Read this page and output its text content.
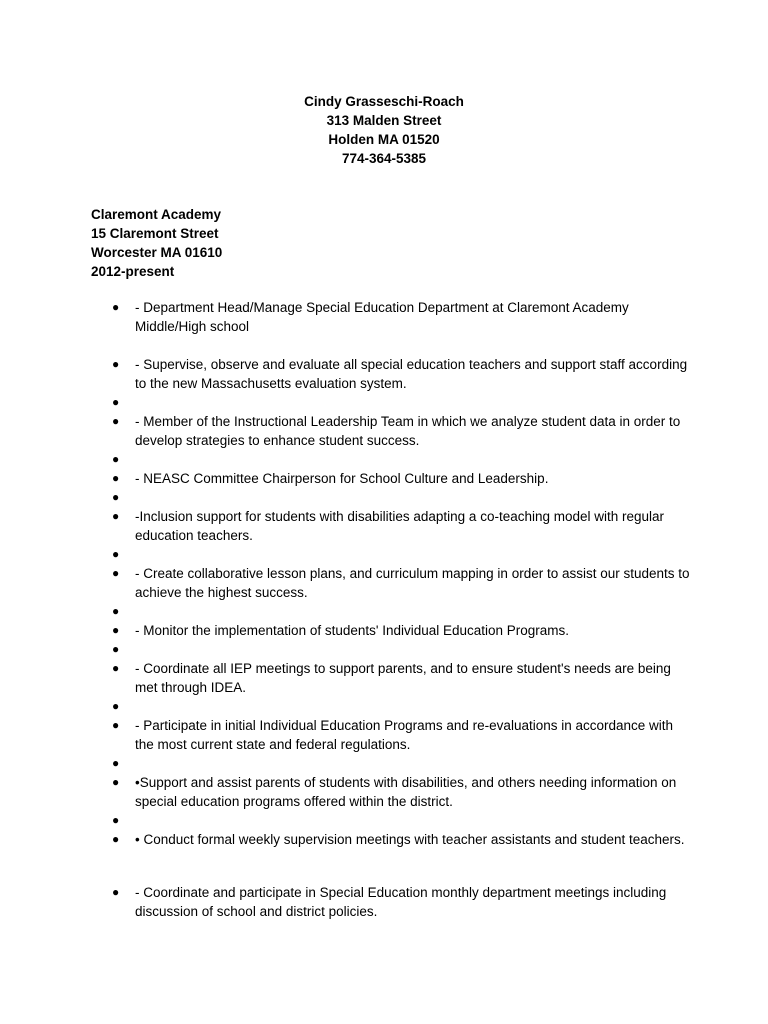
Cindy Grasseschi-Roach
313 Malden Street
Holden MA 01520
774-364-5385
Claremont Academy
15 Claremont Street
Worcester MA 01610
2012-present
●	- Department Head/Manage Special Education Department at Claremont Academy Middle/High school
●	- Supervise, observe and evaluate all special education teachers and support staff according to the new Massachusetts evaluation system.
●
●	- Member of the Instructional Leadership Team in which we analyze student data in order to develop strategies to enhance student success.
●
●	- NEASC Committee Chairperson for School Culture and Leadership.
●
●	-Inclusion support for students with disabilities adapting a co-teaching model with regular education teachers.
●
●	- Create collaborative lesson plans, and curriculum mapping in order to assist our students to achieve the highest success.
●
●	- Monitor the implementation of students' Individual Education Programs.
●
●	- Coordinate all IEP meetings to support parents, and to ensure student's needs are being met through IDEA.
●
●	- Participate in initial Individual Education Programs and re-evaluations in accordance with the most current state and federal regulations.
●
●	•Support and assist parents of students with disabilities, and others needing information on special education programs offered within the district.
●
●	• Conduct formal weekly supervision meetings with teacher assistants and student teachers.
●	- Coordinate and participate in Special Education monthly department meetings including discussion of school and district policies.
